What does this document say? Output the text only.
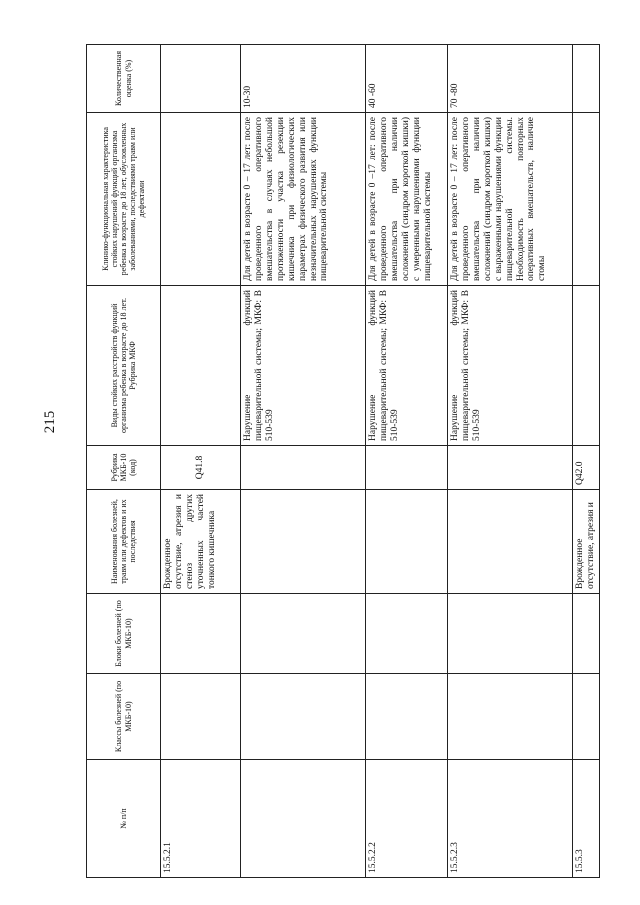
215
№ п/п	Классы болезней (по МКБ-10)	Блоки болезней (по МКБ-10)	Наименования болезней, травм или дефектов и их последствия	Рубрика МКБ-10 (код)	Виды стойких расстройств функций организма ребенка в возрасте до 18 лет. Рубрика МКФ	Клинико-функциональная характеристика стойких нарушений функций организма ребенка в возрасте до 18 лет, обусловленных заболеваниями, последствиями травм или дефектами	Количественная оценка (%)
15.5.2.1			Врожденное отсутствие, атрезия и стеноз других уточненных частей тонкого кишечника	Q41.8			
					Нарушение функций пищеварительной системы; МКФ: В 510-539	Для детей в возрасте 0 – 17 лет: после проведенного оперативного вмешательства в случаях небольшой протяженности участка резекции кишечника при физиологических параметрах физического развития или незначительных нарушениях функции пищеварительной системы	10-30
15.5.2.2					Нарушение функций пищеварительной системы; МКФ: В 510-539	Для детей в возрасте 0 –17 лет: после проведенного оперативного вмешательства при наличии осложнений (синдром короткой кишки) с умеренными нарушениями функции пищеварительной системы	40 -60
15.5.2.3					Нарушение функций пищеварительной системы; МКФ: В 510-539	Для детей в возрасте 0 – 17 лет: после проведенного оперативного вмешательства при наличии осложнений (синдром короткой кишки) с выраженными нарушениями функции пищеварительной системы. Необходимость повторных оперативных вмешательств, наличие стомы	70 -80
15.5.3			Врожденное отсутствие, атрезия и	Q42.0			
